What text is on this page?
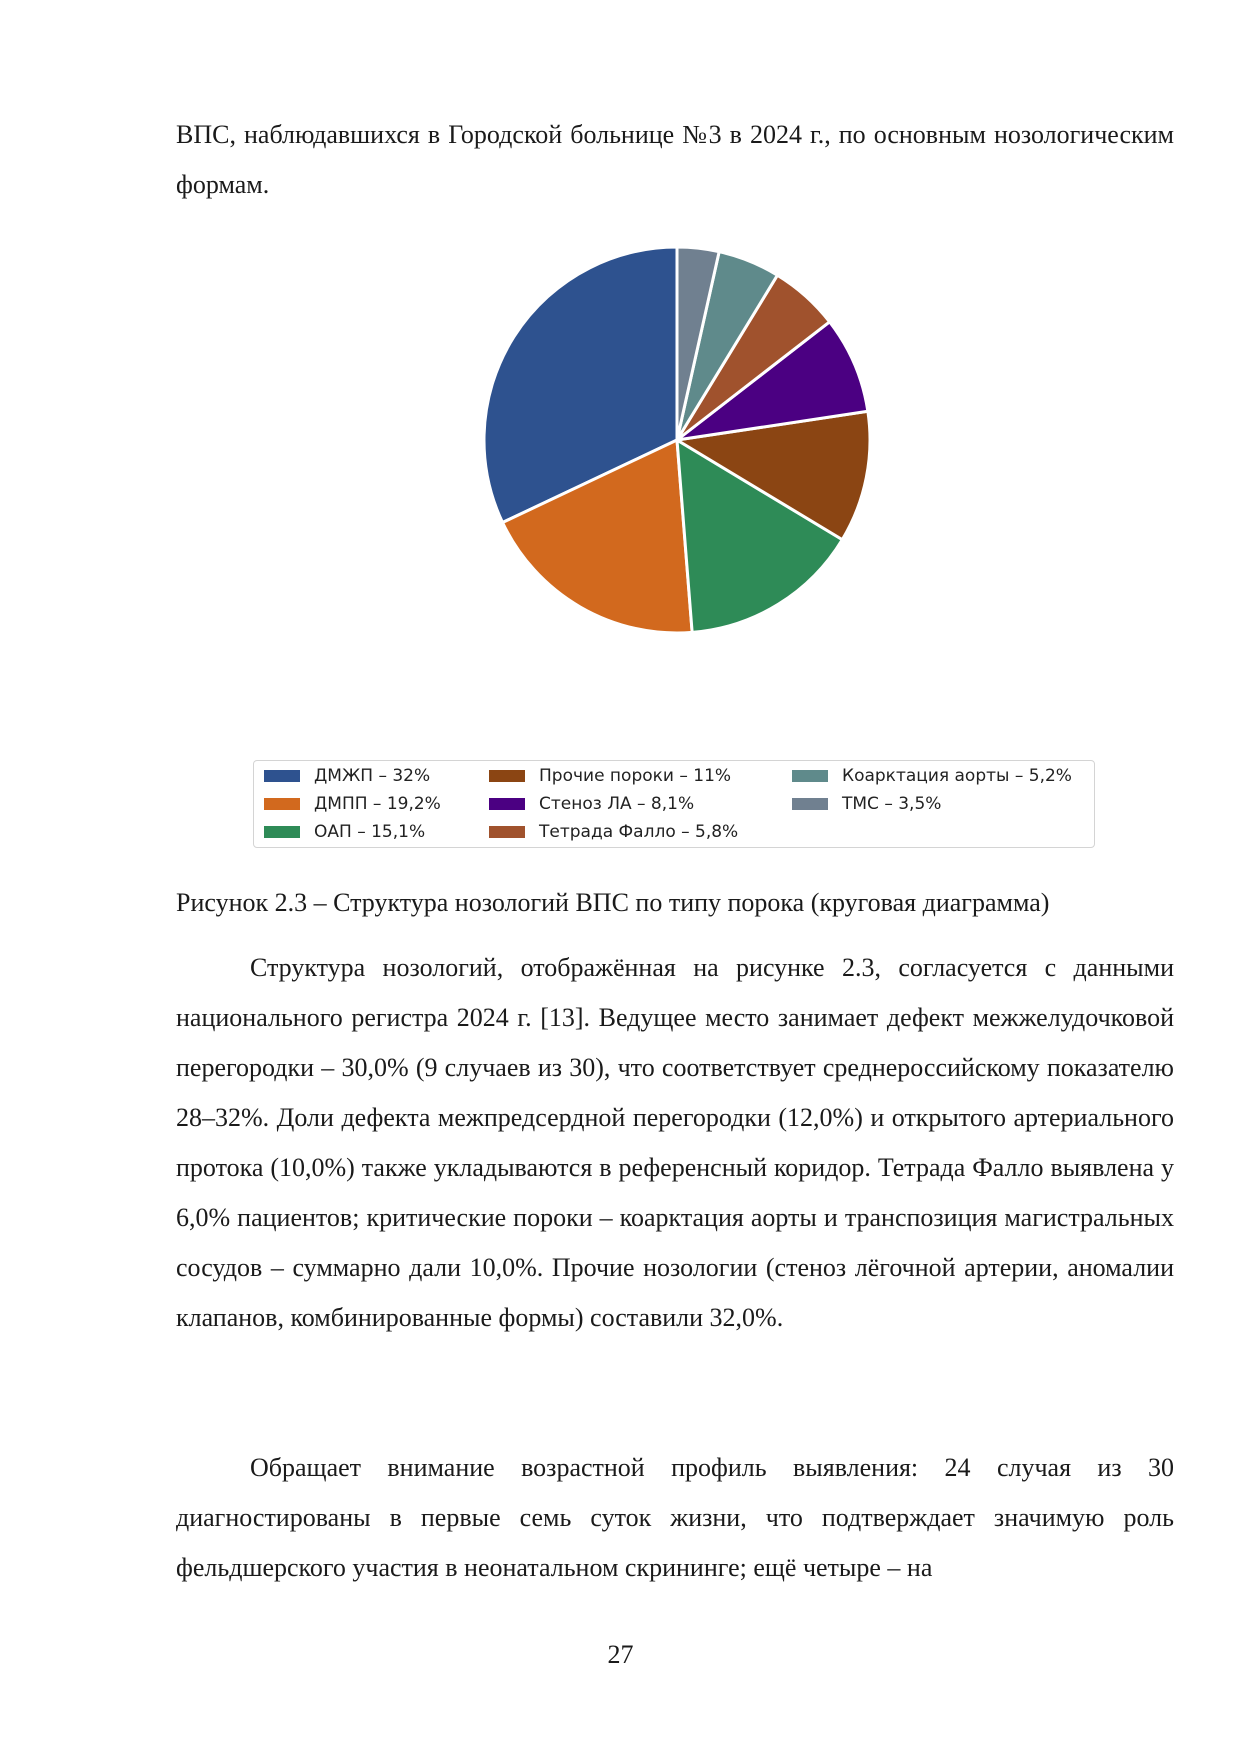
ВПС, наблюдавшихся в Городской больнице №3 в 2024 г., по основным нозологическим формам.
ДМЖП – 32%
ДМПП – 19,2%
ОАП – 15,1%
Прочие пороки – 11%
Стеноз ЛА – 8,1%
Тетрада Фалло – 5,8%
Коарктация аорты – 5,2%
ТМС – 3,5%
Рисунок 2.3 – Структура нозологий ВПС по типу порока (круговая диаграмма)
Структура нозологий, отображённая на рисунке 2.3, согласуется с данными национального регистра 2024 г. [13]. Ведущее место занимает дефект межжелудочковой перегородки – 30,0% (9 случаев из 30), что соответствует среднероссийскому показателю 28–32%. Доли дефекта межпредсердной перегородки (12,0%) и открытого артериального протока (10,0%) также укладываются в референсный коридор. Тетрада Фалло выявлена у 6,0% пациентов; критические пороки – коарктация аорты и транспозиция магистральных сосудов – суммарно дали 10,0%. Прочие нозологии (стеноз лёгочной артерии, аномалии клапанов, комбинированные формы) составили 32,0%.
Обращает внимание возрастной профиль выявления: 24 случая из 30 диагностированы в первые семь суток жизни, что подтверждает значимую роль фельдшерского участия в неонатальном скрининге; ещё четыре – на
27
